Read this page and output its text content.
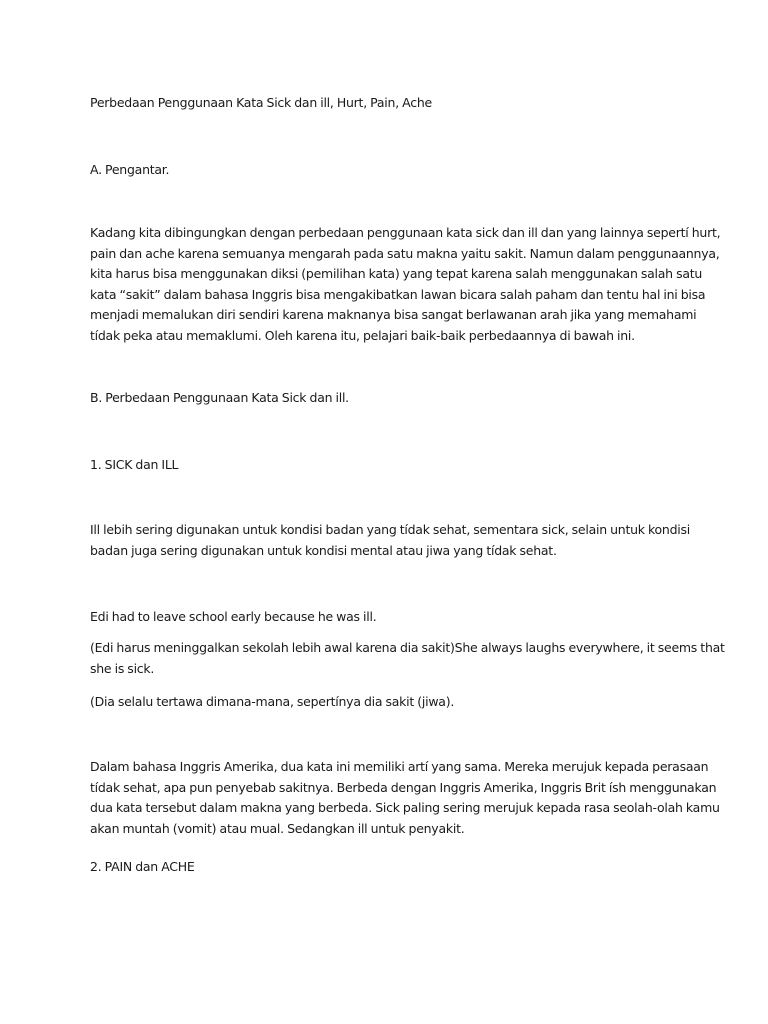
Perbedaan Penggunaan Kata Sick dan ill, Hurt, Pain, Ache

A. Pengantar.

Kadang kita dibingungkan dengan perbedaan penggunaan kata sick dan ill dan yang lainnya sepertí hurt,
pain dan ache karena semuanya mengarah pada satu makna yaitu sakit. Namun dalam penggunaannya,
kita harus bisa menggunakan diksi (pemilihan kata) yang tepat karena salah menggunakan salah satu
kata “sakit” dalam bahasa Inggris bisa mengakibatkan lawan bicara salah paham dan tentu hal ini bisa
menjadi memalukan diri sendiri karena maknanya bisa sangat berlawanan arah jika yang memahami
tídak peka atau memaklumi. Oleh karena itu, pelajari baik-baik perbedaannya di bawah ini.

B. Perbedaan Penggunaan Kata Sick dan ill.

1. SICK dan ILL

Ill lebih sering digunakan untuk kondisi badan yang tídak sehat, sementara sick, selain untuk kondisi
badan juga sering digunakan untuk kondisi mental atau jiwa yang tídak sehat.￼

Edi had to leave school early because he was ill.

(Edi harus meninggalkan sekolah lebih awal karena dia sakit)She always laughs everywhere, it seems that
she is sick.

(Dia selalu tertawa dimana-mana, sepertínya dia sakit (jiwa).

Dalam bahasa Inggris Amerika, dua kata ini memiliki artí yang sama. Mereka merujuk kepada perasaan
tídak sehat, apa pun penyebab sakitnya. Berbeda dengan Inggris Amerika, Inggris Brit ísh menggunakan
dua kata tersebut dalam makna yang berbeda. Sick paling sering merujuk kepada rasa seolah-olah kamu
akan muntah (vomit) atau mual. Sedangkan ill untuk penyakit.

2. PAIN dan ACHE
